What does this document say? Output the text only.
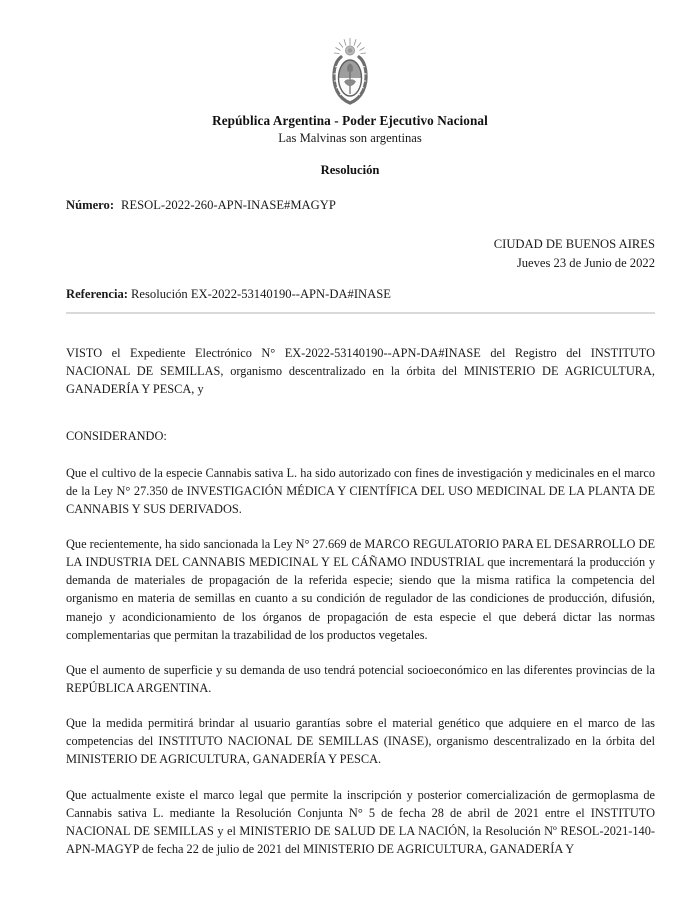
República Argentina - Poder Ejecutivo Nacional
Las Malvinas son argentinas
Resolución
Número: RESOL-2022-260-APN-INASE#MAGYP
CIUDAD DE BUENOS AIRES
Jueves 23 de Junio de 2022
Referencia: Resolución EX-2022-53140190--APN-DA#INASE

VISTO el Expediente Electrónico N° EX-2022-53140190--APN-DA#INASE del Registro del INSTITUTO NACIONAL DE SEMILLAS, organismo descentralizado en la órbita del MINISTERIO DE AGRICULTURA, GANADERÍA Y PESCA, y

CONSIDERANDO:

Que el cultivo de la especie Cannabis sativa L. ha sido autorizado con fines de investigación y medicinales en el marco de la Ley N° 27.350 de INVESTIGACIÓN MÉDICA Y CIENTÍFICA DEL USO MEDICINAL DE LA PLANTA DE CANNABIS Y SUS DERIVADOS.

Que recientemente, ha sido sancionada la Ley N° 27.669 de MARCO REGULATORIO PARA EL DESARROLLO DE LA INDUSTRIA DEL CANNABIS MEDICINAL Y EL CÁÑAMO INDUSTRIAL que incrementará la producción y demanda de materiales de propagación de la referida especie; siendo que la misma ratifica la competencia del organismo en materia de semillas en cuanto a su condición de regulador de las condiciones de producción, difusión, manejo y acondicionamiento de los órganos de propagación de esta especie el que deberá dictar las normas complementarias que permitan la trazabilidad de los productos vegetales.

Que el aumento de superficie y su demanda de uso tendrá potencial socioeconómico en las diferentes provincias de la REPÚBLICA ARGENTINA.

Que la medida permitirá brindar al usuario garantías sobre el material genético que adquiere en el marco de las competencias del INSTITUTO NACIONAL DE SEMILLAS (INASE), organismo descentralizado en la órbita del MINISTERIO DE AGRICULTURA, GANADERÍA Y PESCA.

Que actualmente existe el marco legal que permite la inscripción y posterior comercialización de germoplasma de Cannabis sativa L. mediante la Resolución Conjunta N° 5 de fecha 28 de abril de 2021 entre el INSTITUTO NACIONAL DE SEMILLAS y el MINISTERIO DE SALUD DE LA NACIÓN, la Resolución Nº RESOL-2021-140-APN-MAGYP de fecha 22 de julio de 2021 del MINISTERIO DE AGRICULTURA, GANADERÍA Y
